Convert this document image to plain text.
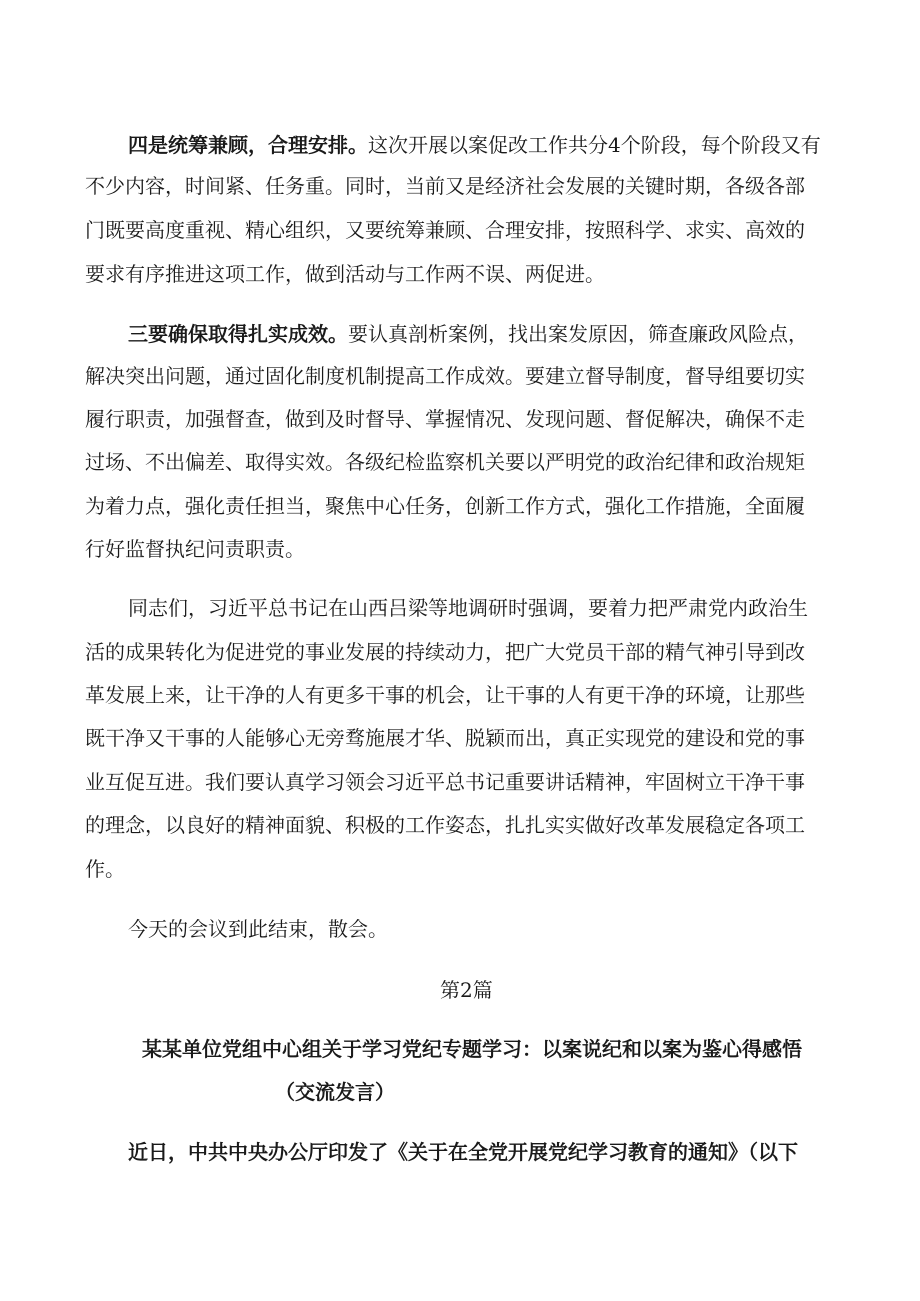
四是统筹兼顾，合理安排。这次开展以案促改工作共分4个阶段，每个阶段又有
不少内容，时间紧、任务重。同时，当前又是经济社会发展的关键时期，各级各部
门既要高度重视、精心组织，又要统筹兼顾、合理安排，按照科学、求实、高效的
要求有序推进这项工作，做到活动与工作两不误、两促进。
三要确保取得扎实成效。要认真剖析案例，找出案发原因，筛查廉政风险点，
解决突出问题，通过固化制度机制提高工作成效。要建立督导制度，督导组要切实
履行职责，加强督查，做到及时督导、掌握情况、发现问题、督促解决，确保不走
过场、不出偏差、取得实效。各级纪检监察机关要以严明党的政治纪律和政治规矩
为着力点，强化责任担当，聚焦中心任务，创新工作方式，强化工作措施，全面履
行好监督执纪问责职责。
同志们，习近平总书记在山西吕梁等地调研时强调，要着力把严肃党内政治生
活的成果转化为促进党的事业发展的持续动力，把广大党员干部的精气神引导到改
革发展上来，让干净的人有更多干事的机会，让干事的人有更干净的环境，让那些
既干净又干事的人能够心无旁骛施展才华、脱颖而出，真正实现党的建设和党的事
业互促互进。我们要认真学习领会习近平总书记重要讲话精神，牢固树立干净干事
的理念，以良好的精神面貌、积极的工作姿态，扎扎实实做好改革发展稳定各项工
作。
今天的会议到此结束，散会。
第2篇
某某单位党组中心组关于学习党纪专题学习：以案说纪和以案为鉴心得感悟
（交流发言）
近日，中共中央办公厅印发了《关于在全党开展党纪学习教育的通知》（以下
